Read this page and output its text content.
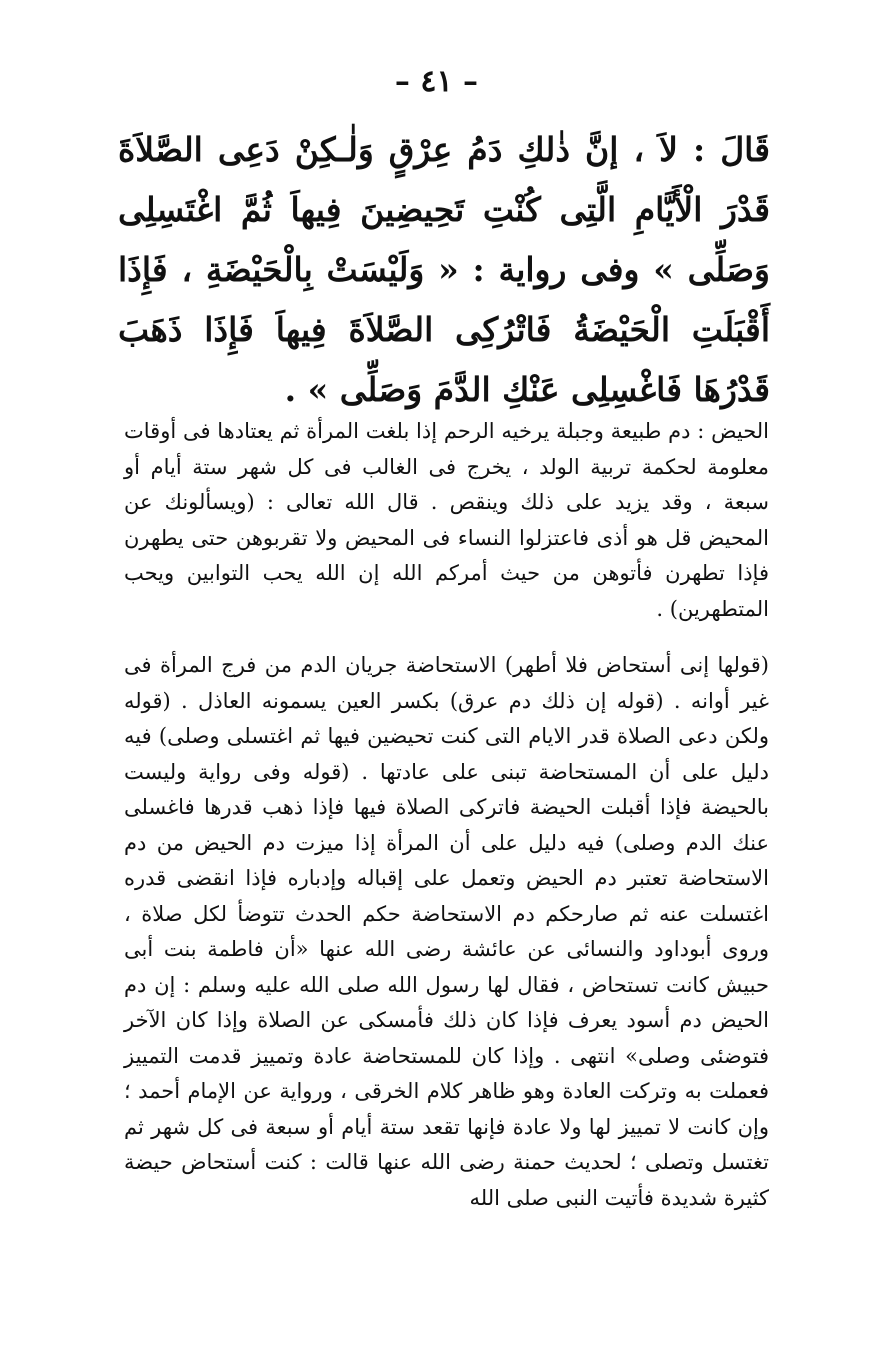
– ٤١ –
قَالَ : لاَ ، إنَّ ذٰلكِ دَمُ عِرْقٍ وَلٰـكِنْ دَعِى الصَّلاَةَ قَدْرَ الْأَيَّامِ الَّتِى كُنْتِ تَحِيضِينَ فِيهاَ ثُمَّ اغْتَسِلِى وَصَلِّى » وفى رواية : « وَلَيْسَتْ بِالْحَيْضَةِ ، فَإِذَا أَقْبَلَتِ الْحَيْضَةُ فَاتْرُكِى الصَّلاَةَ فِيهاَ فَإِذَا ذَهَبَ قَدْرُهَا فَاغْسِلِى عَنْكِ الدَّمَ وَصَلِّى » .

الحيض : دم طبيعة وجبلة يرخيه الرحم إذا بلغت المرأة ثم يعتادها فى أوقات معلومة لحكمة تربية الولد ، يخرج فى الغالب فى كل شهر ستة أيام أو سبعة ، وقد يزيد على ذلك وينقص . قال الله تعالى : (ويسألونك عن المحيض قل هو أذى فاعتزلوا النساء فى المحيض ولا تقربوهن حتى يطهرن فإذا تطهرن فأتوهن من حيث أمركم الله إن الله يحب التوابين ويحب المتطهرين) .

(قولها إنى أستحاض فلا أطهر) الاستحاضة جريان الدم من فرج المرأة فى غير أوانه . (قوله إن ذلك دم عرق) بكسر العين يسمونه العاذل . (قوله ولكن دعى الصلاة قدر الايام التى كنت تحيضين فيها ثم اغتسلى وصلى) فيه دليل على أن المستحاضة تبنى على عادتها . (قوله وفى رواية وليست بالحيضة فإذا أقبلت الحيضة فاتركى الصلاة فيها فإذا ذهب قدرها فاغسلى عنك الدم وصلى) فيه دليل على أن المرأة إذا ميزت دم الحيض من دم الاستحاضة تعتبر دم الحيض وتعمل على إقباله وإدباره فإذا انقضى قدره اغتسلت عنه ثم صارحكم دم الاستحاضة حكم الحدث تتوضأ لكل صلاة ، وروى أبوداود والنسائى عن عائشة رضى الله عنها «أن فاطمة بنت أبى حبيش كانت تستحاض ، فقال لها رسول الله صلى الله عليه وسلم : إن دم الحيض دم أسود يعرف فإذا كان ذلك فأمسكى عن الصلاة وإذا كان الآخر فتوضئى وصلى» انتهى . وإذا كان للمستحاضة عادة وتمييز قدمت التمييز فعملت به وتركت العادة وهو ظاهر كلام الخرقى ، ورواية عن الإمام أحمد ؛ وإن كانت لا تمييز لها ولا عادة فإنها تقعد ستة أيام أو سبعة فى كل شهر ثم تغتسل وتصلى ؛ لحديث حمنة رضى الله عنها قالت : كنت أستحاض حيضة كثيرة شديدة فأتيت النبى صلى الله
